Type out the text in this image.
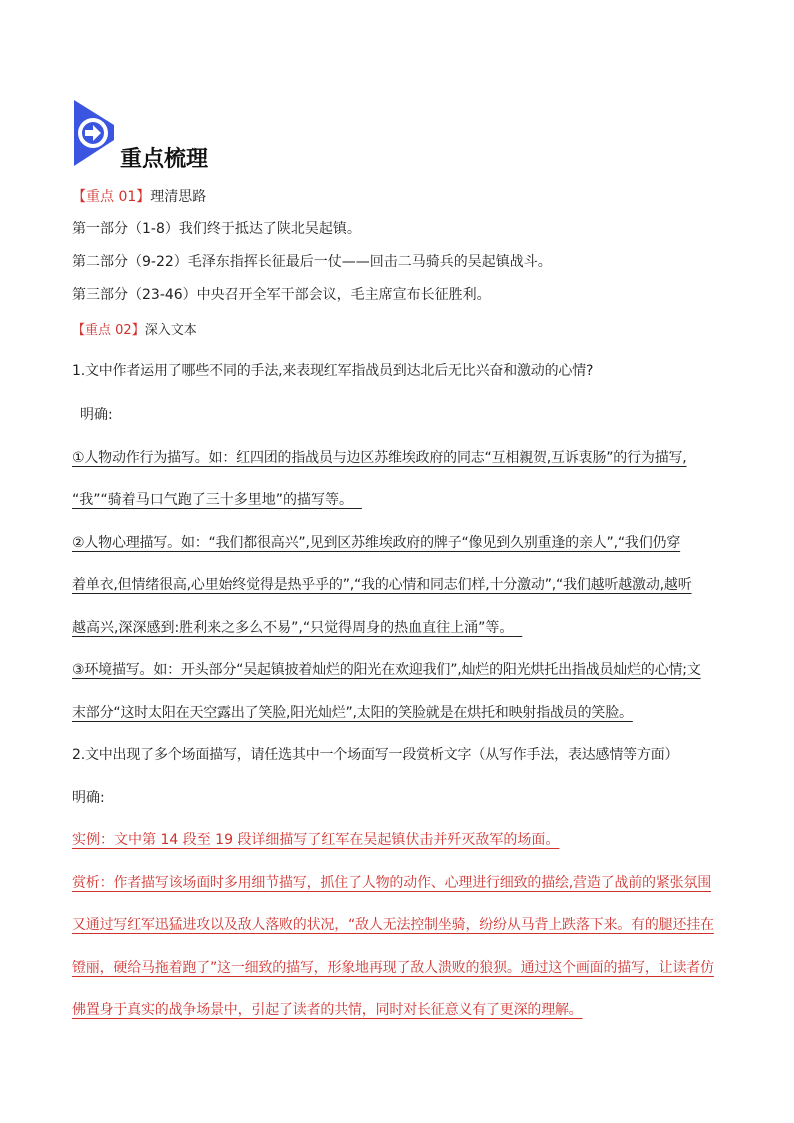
重点梳理
【重点 01】理清思路
第一部分（1-8）我们终于抵达了陕北吴起镇。
第二部分（9-22）毛泽东指挥长征最后一仗——回击二马骑兵的吴起镇战斗。
第三部分（23-46）中央召开全军干部会议，毛主席宣布长征胜利。
【重点 02】深入文本
1.文中作者运用了哪些不同的手法,来表现红军指战员到达北后无比兴奋和激动的心情?
明确:
①人物动作行为描写。如：红四团的指战员与边区苏维埃政府的同志“互相親贺,互诉衷肠”的行为描写,
“我”“骑着马口气跑了三十多里地”的描写等。
②人物心理描写。如：“我们都很高兴”,见到区苏维埃政府的牌子“像见到久别重逢的亲人”,“我们仍穿
着单衣,但情绪很高,心里始终觉得是热乎乎的”,“我的心情和同志们样,十分激动”,“我们越听越激动,越听
越高兴,深深感到:胜利来之多么不易”,“只觉得周身的热血直往上涌”等。
③环境描写。如：开头部分“吴起镇披着灿烂的阳光在欢迎我们”,灿烂的阳光烘托出指战员灿烂的心情;文
末部分“这时太阳在天空露出了笑脸,阳光灿烂”,太阳的笑脸就是在烘托和映射指战员的笑脸。
2.文中出现了多个场面描写，请任选其中一个场面写一段赏析文字（从写作手法，表达感情等方面）
明确:
实例：文中第 14 段至 19 段详细描写了红军在吴起镇伏击并歼灭敌军的场面。
赏析：作者描写该场面时多用细节描写，抓住了人物的动作、心理进行细致的描绘,营造了战前的紧张氛围
又通过写红军迅猛进攻以及敌人落败的状况，“敌人无法控制坐骑，纷纷从马背上跌落下来。有的腿还挂在
镫丽，硬给马拖着跑了”这一细致的描写，形象地再现了敌人溃败的狼狈。通过这个画面的描写，让读者仿
佛置身于真实的战争场景中，引起了读者的共情，同时对长征意义有了更深的理解。
